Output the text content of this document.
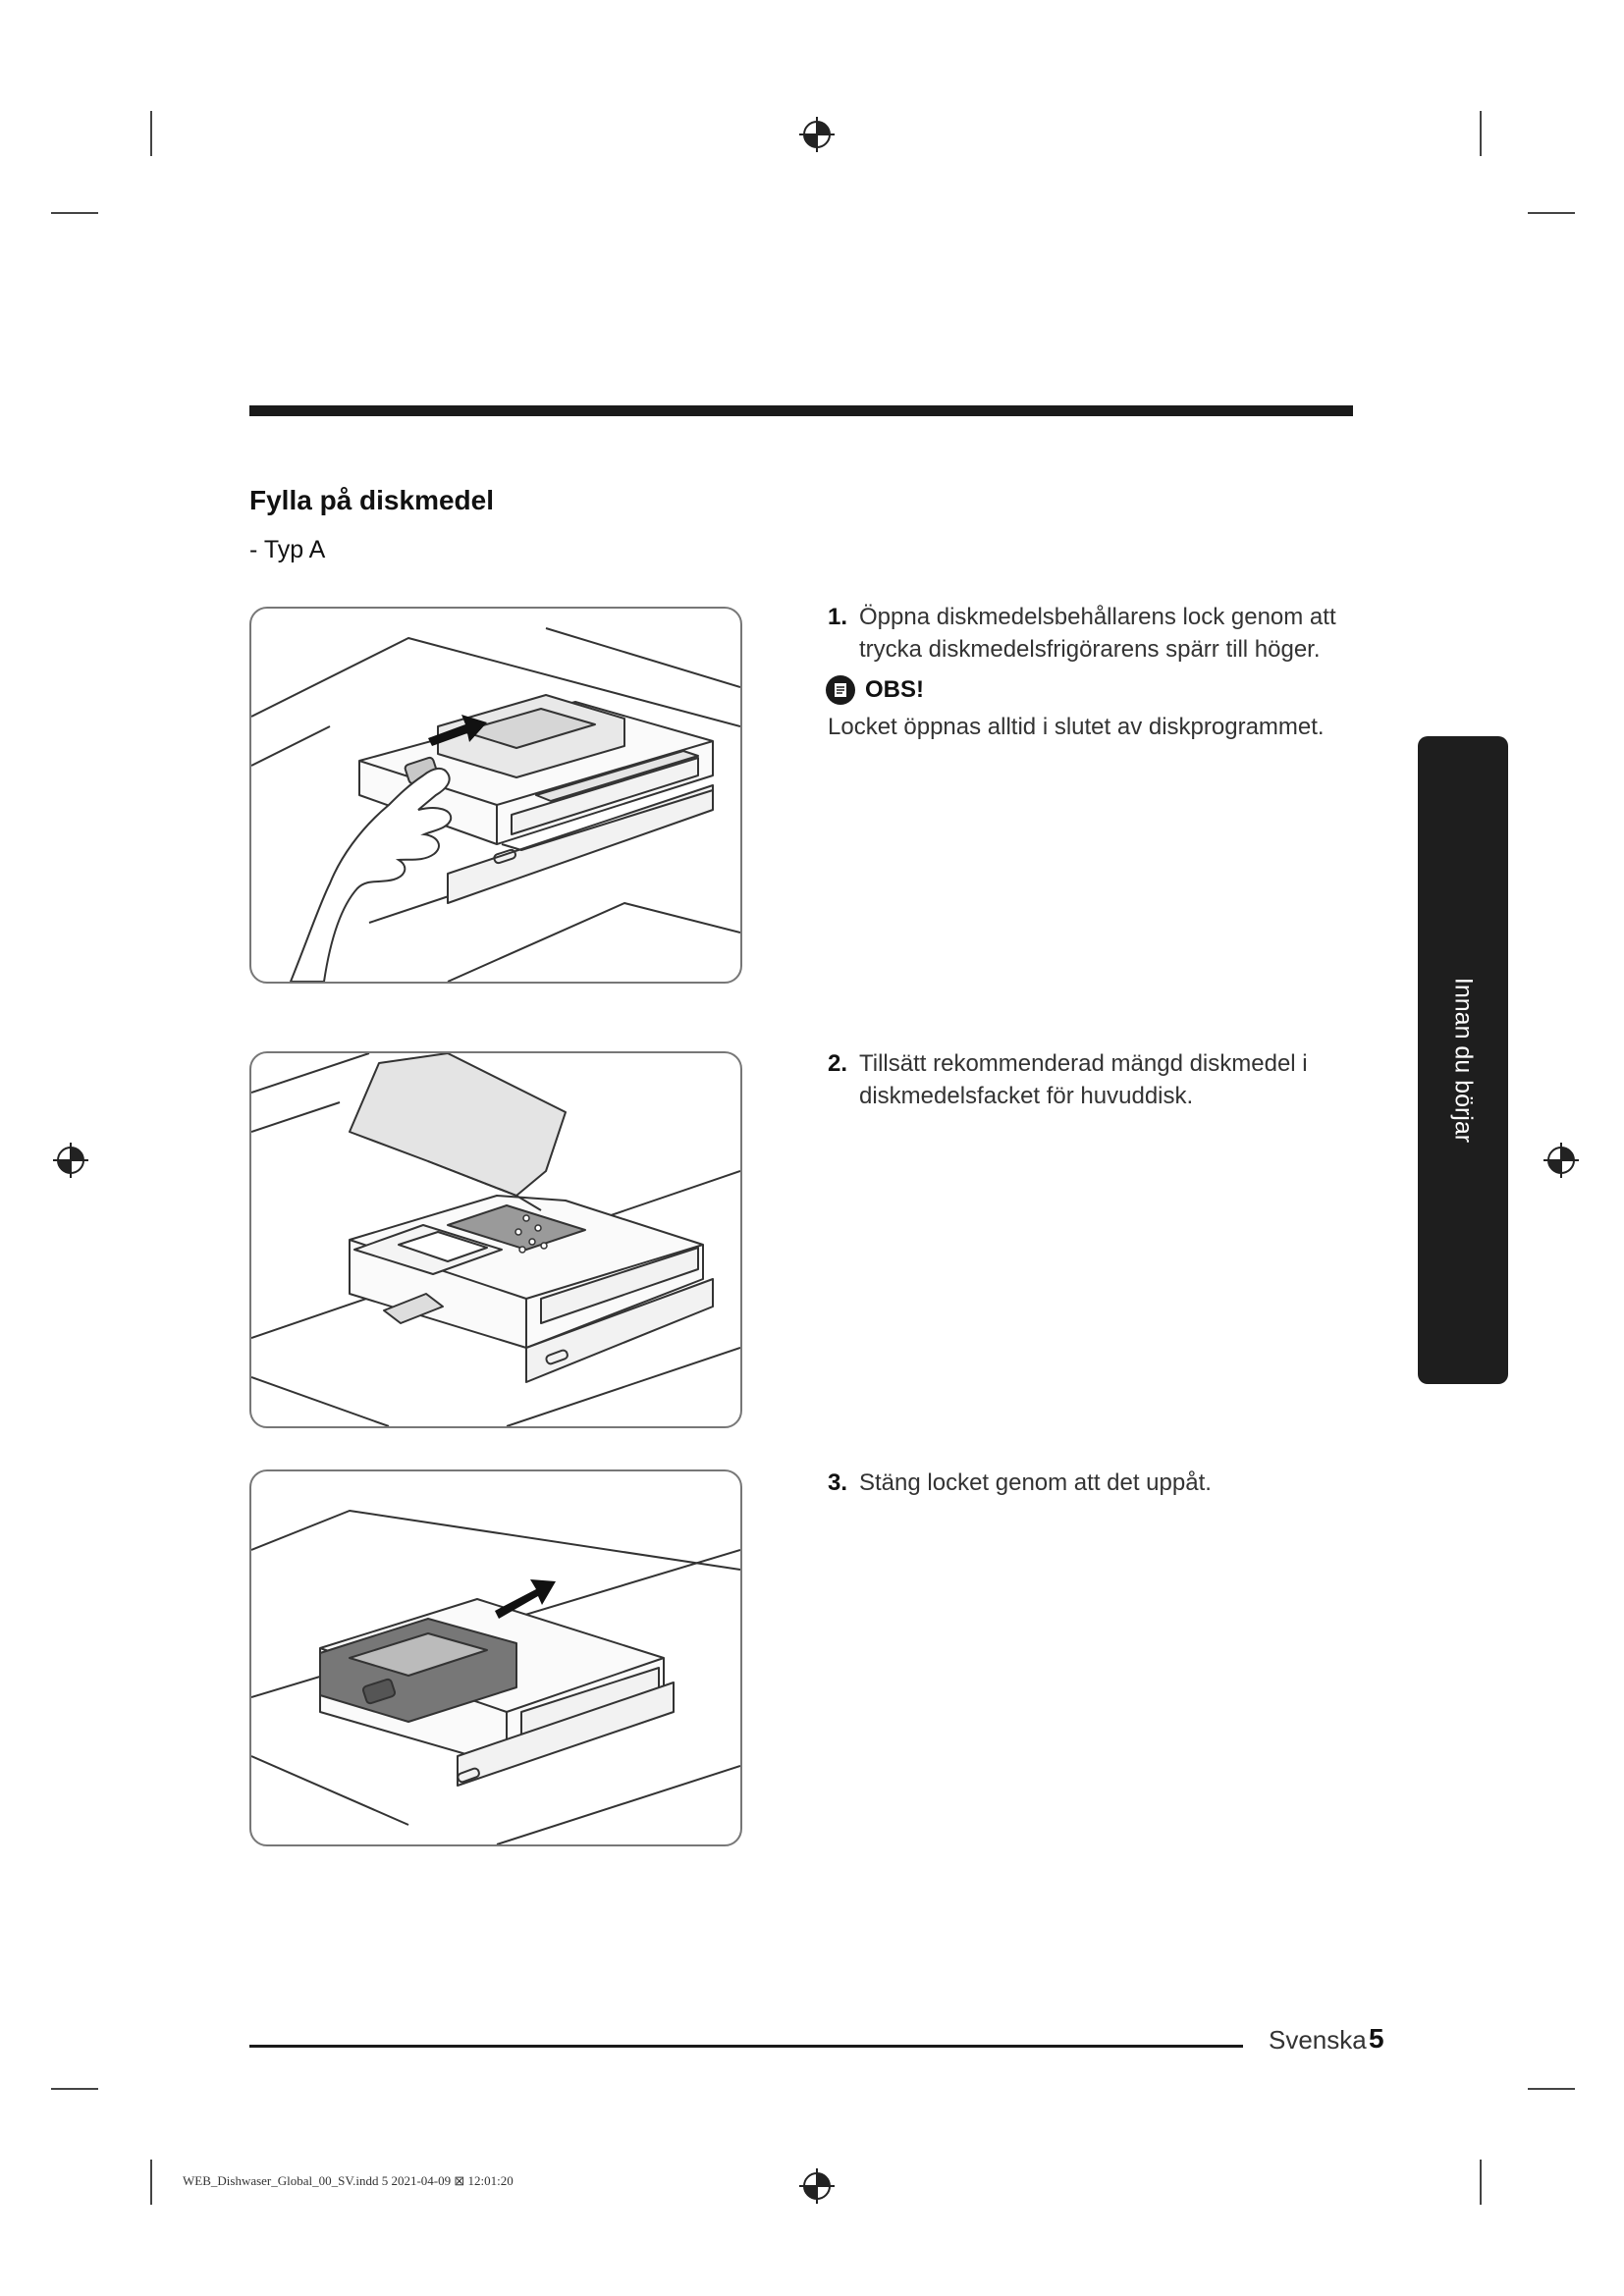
Fylla på diskmedel
- Typ A
1. Öppna diskmedelsbehållarens lock genom att trycka diskmedelsfrigörarens spärr till höger.
OBS!
Locket öppnas alltid i slutet av diskprogrammet.
2. Tillsätt rekommenderad mängd diskmedel i diskmedelsfacket för huvuddisk.
3. Stäng locket genom att det uppåt.
Innan du börjar
Svenska 5
WEB_Dishwaser_Global_00_SV.indd 5 2021-04-09 ⊠ 12:01:20
